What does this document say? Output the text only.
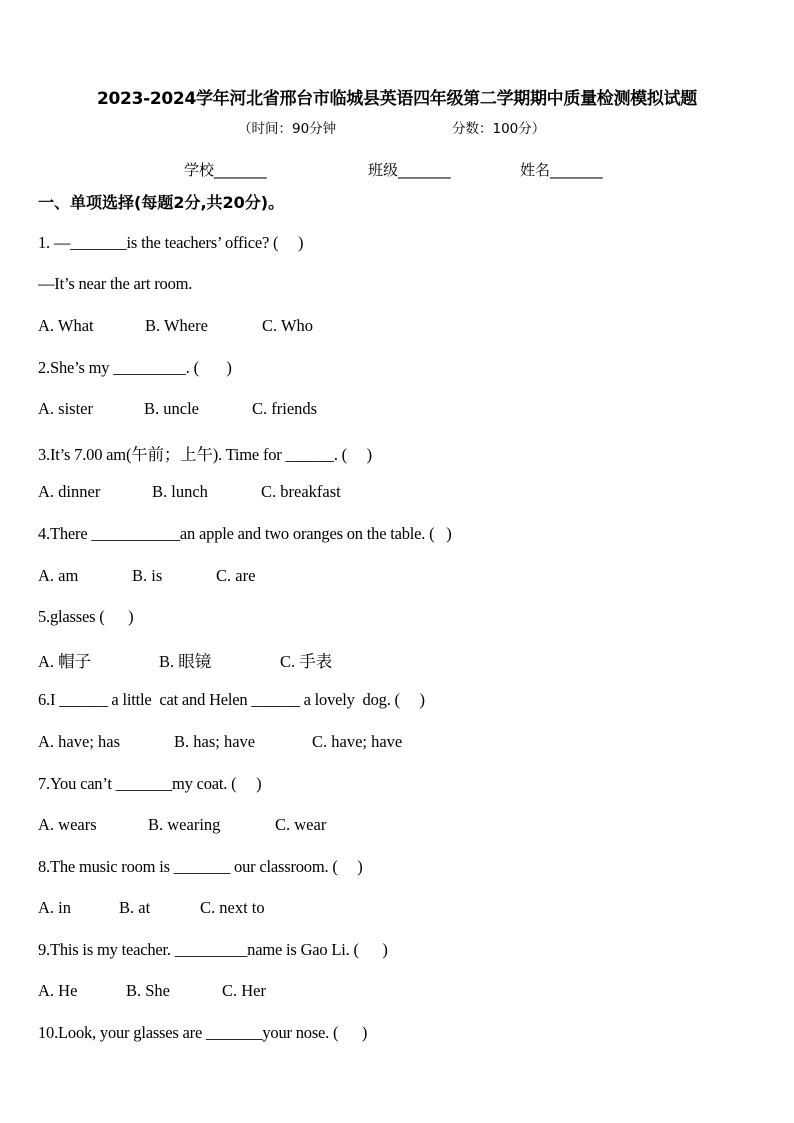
2023-2024学年河北省邢台市临城县英语四年级第二学期期中质量检测模拟试题
（时间：90分钟	分数：100分）
学校_______	班级_______	姓名_______
一、单项选择(每题2分,共20分)。
1. —_______is the teachers’ office? (     )
—It’s near the art room.
A. What	B. Where	C. Who
2.She’s my _________. (       )
A. sister	B. uncle	C. friends
3.It’s 7.00 am(午前；上午). Time for ______. (     )
A. dinner	B. lunch	C. breakfast
4.There ___________an apple and two oranges on the table. (   )
A. am	B. is	C. are
5.glasses (      )
A. 帽子	B. 眼镜	C. 手表
6.I ______ a little  cat and Helen ______ a lovely  dog. (     )
A. have; has	B. has; have	C. have; have
7.You can’t _______my coat. (     )
A. wears	B. wearing	C. wear
8.The music room is _______ our classroom. (     )
A. in	B. at	C. next to
9.This is my teacher. _________name is Gao Li. (      )
A. He	B. She	C. Her
10.Look, your glasses are _______your nose. (      )
